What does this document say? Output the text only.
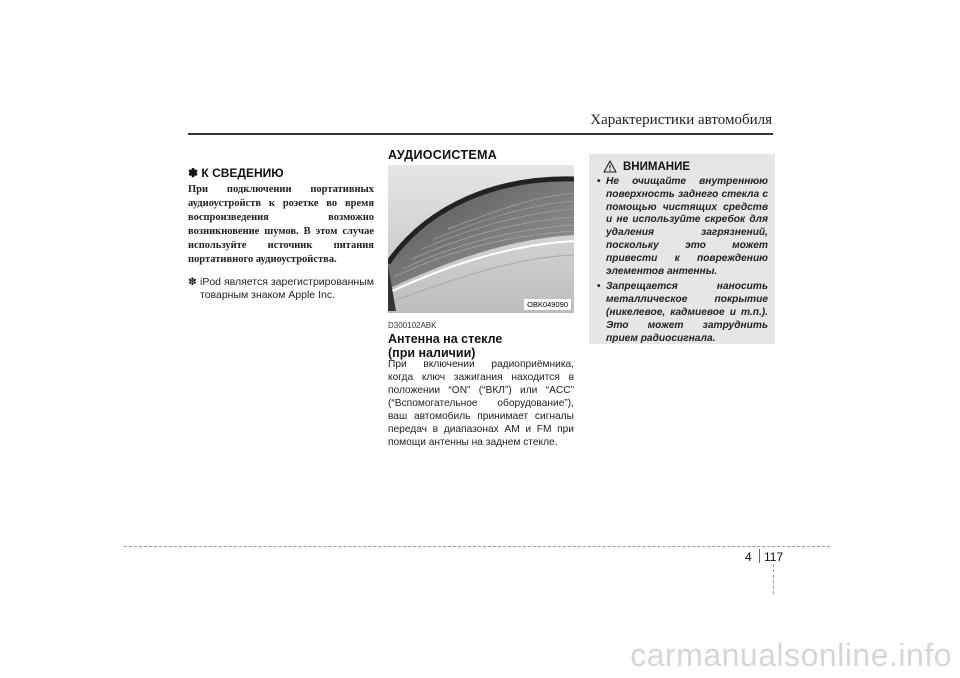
Характеристики автомобиля
АУДИОСИСТЕМА
✽ К СВЕДЕНИЮ
При подключении портативных аудиоустройств к розетке во время воспроизведения возможно возникновение шумов. В этом случае используйте источник питания портативного аудиоустройства.
✽ iPod является зарегистрированным товарным знаком Apple Inc.
OBK049090
D300102ABK
Антенна на стекле
(при наличии)
При включении радиоприёмника, когда ключ зажигания находится в положении “ON” (“ВКЛ”) или “ACC” (“Вспомогательное оборудование”), ваш автомобиль принимает сигналы передач в диапазонах AM и FM при помощи антенны на заднем стекле.
ВНИМАНИЕ
• Не очищайте внутреннюю поверхность заднего стекла с помощью чистящих средств и не используйте скребок для удаления загрязнений, поскольку это может привести к повреждению элементов антенны.
• Запрещается наносить металлическое покрытие (никелевое, кадмиевое и т.п.). Это может затруднить прием радиосигнала.
4 117
carmanualsonline.info
